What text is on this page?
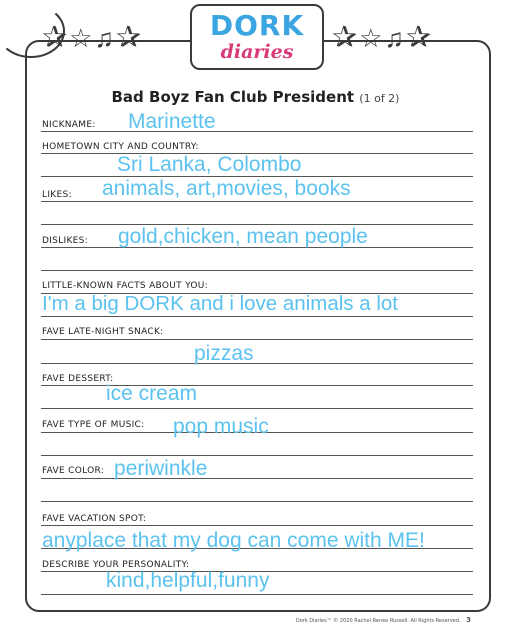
✰☆♫✰	✰☆♫✰
DORK
diaries
Bad Boyz Fan Club President (1 of 2)
NICKNAME: Marinette
HOMETOWN CITY AND COUNTRY:
Sri Lanka, Colombo
LIKES: animals, art,movies, books
DISLIKES: gold,chicken, mean people
LITTLE-KNOWN FACTS ABOUT YOU:
I'm a big DORK and i love animals a lot
FAVE LATE-NIGHT SNACK:
pizzas
FAVE DESSERT:
ice cream
FAVE TYPE OF MUSIC: pop music
FAVE COLOR: periwinkle
FAVE VACATION SPOT:
anyplace that my dog can come with ME!
DESCRIBE YOUR PERSONALITY:
kind,helpful,funny
Dork Diaries™ © 2020 Rachel Renée Russell. All Rights Reserved. 3
